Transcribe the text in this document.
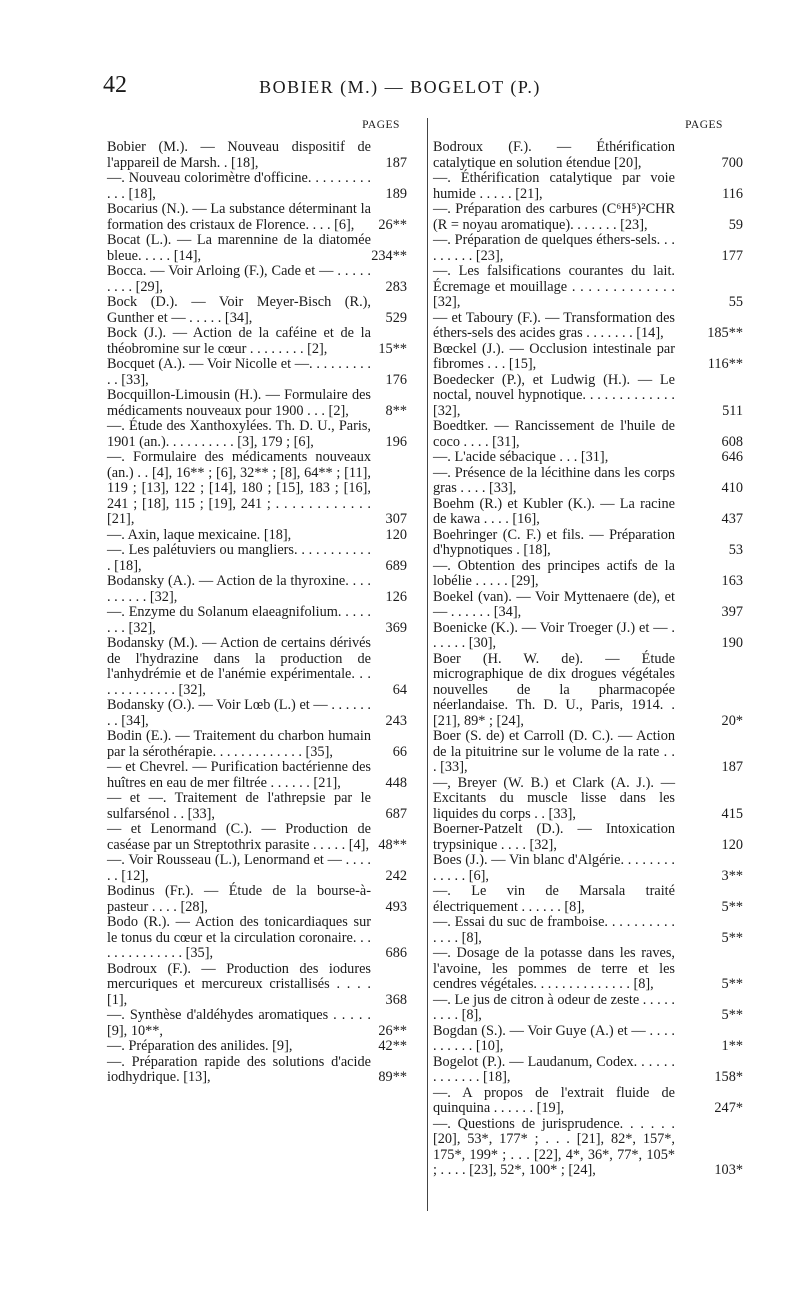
42	BOBIER (M.) — BOGELOT (P.)
PAGES	PAGES
Bobier (M.). — Nouveau dispositif de l'appareil de Marsh. . [18],	187
—. Nouveau colorimètre d'officine. . . . . . . . . . . . [18],	189
Bocarius (N.). — La substance déterminant la formation des cristaux de Florence. . . . [6],	26**
Bocat (L.). — La marennine de la diatomée bleue. . . . . [14],	234**
Bocca. — Voir Arloing (F.), Cade et — . . . . . . . . . [29],	283
Bock (D.). — Voir Meyer-Bisch (R.), Gunther et — . . . . . [34],	529
Bock (J.). — Action de la caféine et de la théobromine sur le cœur . . . . . . . . [2],	15**
Bocquet (A.). — Voir Nicolle et —. . . . . . . . . . . [33],	176
Bocquillon-Limousin (H.). — Formulaire des médicaments nouveaux pour 1900 . . . [2],	8**
—. Étude des Xanthoxylées. Th. D. U., Paris, 1901 (an.). . . . . . . . . . [3], 179 ; [6],	196
—. Formulaire des médicaments nouveaux (an.) . . [4], 16** ; [6], 32** ; [8], 64** ; [11], 119 ; [13], 122 ; [14], 180 ; [15], 183 ; [16], 241 ; [18], 115 ; [19], 241 ; . . . . . . . . . . . . [21],	307
—. Axin, laque mexicaine. [18],	120
—. Les palétuviers ou mangliers. . . . . . . . . . . . [18],	689
Bodansky (A.). — Action de la thyroxine. . . . . . . . . . [32],	126
—. Enzyme du Solanum elaeagnifolium. . . . . . . . [32],	369
Bodansky (M.). — Action de certains dérivés de l'hydrazine dans la production de l'anhydrémie et de l'anémie expérimentale. . . . . . . . . . . . . [32],	64
Bodansky (O.). — Voir Lœb (L.) et — . . . . . . . . [34],	243
Bodin (E.). — Traitement du charbon humain par la sérothérapie. . . . . . . . . . . . . [35],	66
— et Chevrel. — Purification bactérienne des huîtres en eau de mer filtrée . . . . . . [21],	448
— et —. Traitement de l'athrepsie par le sulfarsénol . . [33],	687
— et Lenormand (C.). — Production de caséase par un Streptothrix parasite . . . . . [4], 48**
—. Voir Rousseau (L.), Lenormand et — . . . . . . [12],	242
Bodinus (Fr.). — Étude de la bourse-à-pasteur . . . . [28],	493
Bodo (R.). — Action des tonicardiaques sur le tonus du cœur et la circulation coronaire. . . . . . . . . . . . . . [35],	686
Bodroux (F.). — Production des iodures mercuriques et mercureux cristallisés . . . . [1],	368
—. Synthèse d'aldéhydes aromatiques . . . . . [9], 10**,	26**
—. Préparation des anilides. [9],	42**
—. Préparation rapide des solutions d'acide iodhydrique. [13],	89**
Bodroux (F.). — Éthérification catalytique en solution étendue [20],	700
—. Éthérification catalytique par voie humide . . . . . [21],	116
—. Préparation des carbures (C⁶H⁵)²CHR (R = noyau aromatique). . . . . . . [23],	59
—. Préparation de quelques éthers-sels. . . . . . . . . [23],	177
—. Les falsifications courantes du lait. Écremage et mouillage . . . . . . . . . . . . . [32],	55
— et Taboury (F.). — Transformation des éthers-sels des acides gras . . . . . . . [14],	185**
Bœckel (J.). — Occlusion intestinale par fibromes . . . [15],	116**
Boedecker (P.), et Ludwig (H.). — Le noctal, nouvel hypnotique. . . . . . . . . . . . . [32],	511
Boedtker. — Rancissement de l'huile de coco . . . . [31],	608
—. L'acide sébacique . . . [31],	646
—. Présence de la lécithine dans les corps gras . . . . [33],	410
Boehm (R.) et Kubler (K.). — La racine de kawa . . . . [16],	437
Boehringer (C. F.) et fils. — Préparation d'hypnotiques . [18],	53
—. Obtention des principes actifs de la lobélie . . . . . [29],	163
Boekel (van). — Voir Myttenaere (de), et — . . . . . . [34],	397
Boenicke (K.). — Voir Troeger (J.) et — . . . . . . [30],	190
Boer (H. W. de). — Étude micrographique de dix drogues végétales nouvelles de la pharmacopée néerlandaise. Th. D. U., Paris, 1914. . [21], 89* ; [24],	20*
Boer (S. de) et Carroll (D. C.). — Action de la pituitrine sur le volume de la rate . . . [33],	187
—, Breyer (W. B.) et Clark (A. J.). — Excitants du muscle lisse dans les liquides du corps . . [33],	415
Boerner-Patzelt (D.). — Intoxication trypsinique . . . . [32],	120
Boes (J.). — Vin blanc d'Algérie. . . . . . . . . . . . . [6],	3**
—. Le vin de Marsala traité électriquement . . . . . . [8],	5**
—. Essai du suc de framboise. . . . . . . . . . . . . . [8],	5**
—. Dosage de la potasse dans les raves, l'avoine, les pommes de terre et les cendres végétales. . . . . . . . . . . . . . [8],	5**
—. Le jus de citron à odeur de zeste . . . . . . . . . [8],	5**
Bogdan (S.). — Voir Guye (A.) et — . . . . . . . . . . [10],	1**
Bogelot (P.). — Laudanum, Codex. . . . . . . . . . . . . [18],	158*
—. A propos de l'extrait fluide de quinquina . . . . . . [19],	247*
—. Questions de jurisprudence. . . . . . [20], 53*, 177* ; . . . [21], 82*, 157*, 175*, 199* ; . . . [22], 4*, 36*, 77*, 105* ; . . . . [23], 52*, 100* ; [24],	103*
